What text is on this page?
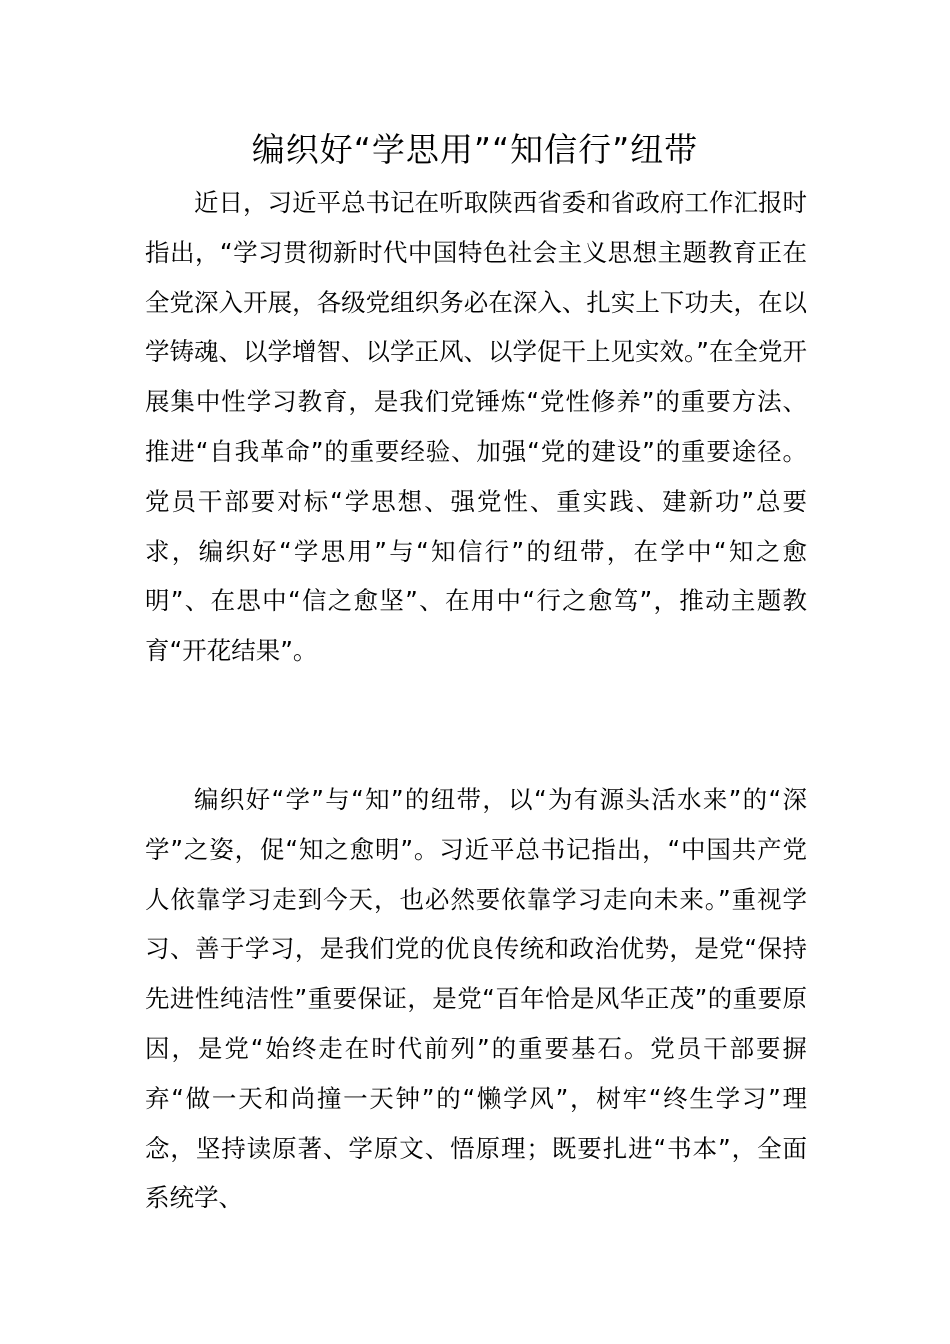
编织好“学思用”“知信行”纽带

近日，习近平总书记在听取陕西省委和省政府工作汇报时指出，“学习贯彻新时代中国特色社会主义思想主题教育正在全党深入开展，各级党组织务必在深入、扎实上下功夫，在以学铸魂、以学增智、以学正风、以学促干上见实效。”在全党开展集中性学习教育，是我们党锤炼“党性修养”的重要方法、推进“自我革命”的重要经验、加强“党的建设”的重要途径。党员干部要对标“学思想、强党性、重实践、建新功”总要求，编织好“学思用”与“知信行”的纽带，在学中“知之愈明”、在思中“信之愈坚”、在用中“行之愈笃”，推动主题教育“开花结果”。

编织好“学”与“知”的纽带，以“为有源头活水来”的“深学”之姿，促“知之愈明”。习近平总书记指出，“中国共产党人依靠学习走到今天，也必然要依靠学习走向未来。”重视学习、善于学习，是我们党的优良传统和政治优势，是党“保持先进性纯洁性”重要保证，是党“百年恰是风华正茂”的重要原因，是党“始终走在时代前列”的重要基石。党员干部要摒弃“做一天和尚撞一天钟”的“懒学风”，树牢“终生学习”理念，坚持读原著、学原文、悟原理；既要扎进“书本”，全面系统学、
